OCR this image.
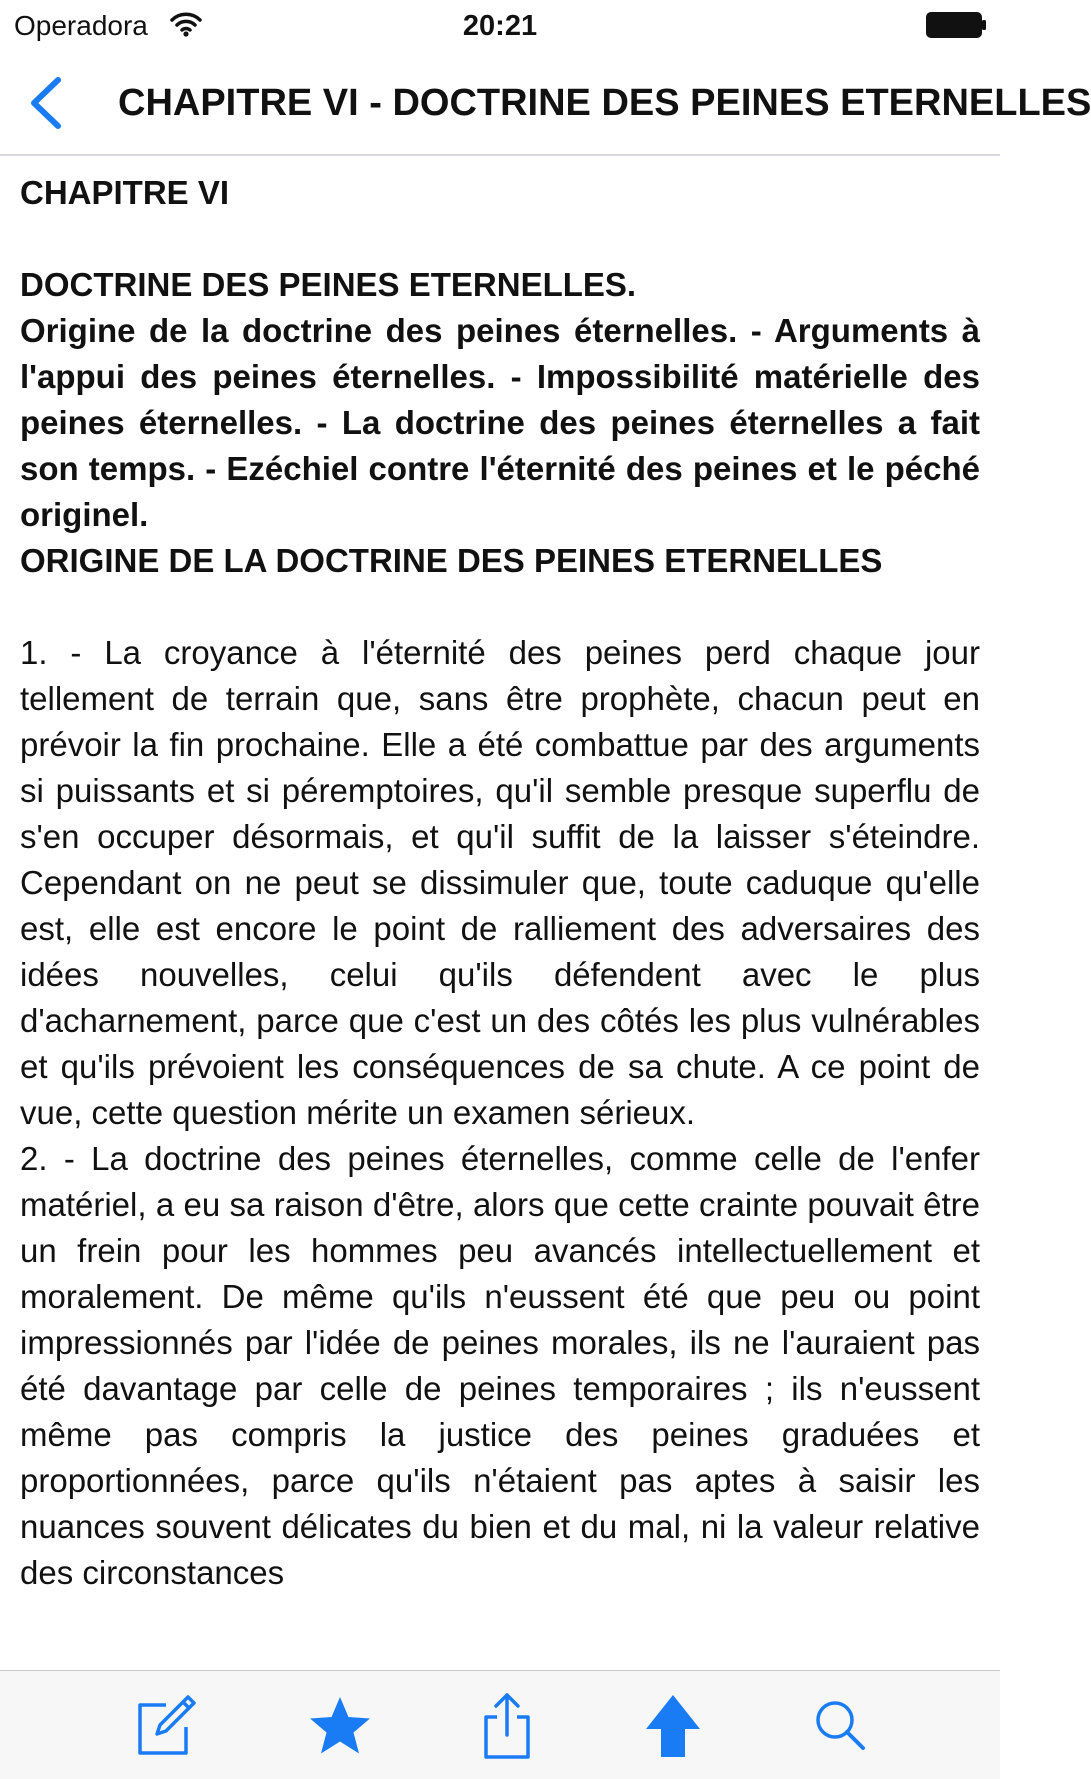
Operadora	20:21
CHAPITRE VI - DOCTRINE DES PEINES ETERNELLES

CHAPITRE VI

DOCTRINE DES PEINES ETERNELLES.

Origine de la doctrine des peines éternelles. - Arguments à l'appui des peines éternelles. - Impossibilité matérielle des peines éternelles. - La doctrine des peines éternelles a fait son temps. - Ezéchiel contre l'éternité des peines et le péché originel.

ORIGINE DE LA DOCTRINE DES PEINES ETERNELLES

1. - La croyance à l'éternité des peines perd chaque jour tellement de terrain que, sans être prophète, chacun peut en prévoir la fin prochaine. Elle a été combattue par des arguments si puissants et si péremptoires, qu'il semble presque superflu de s'en occuper désormais, et qu'il suffit de la laisser s'éteindre. Cependant on ne peut se dissimuler que, toute caduque qu'elle est, elle est encore le point de ralliement des adversaires des idées nouvelles, celui qu'ils défendent avec le plus d'acharnement, parce que c'est un des côtés les plus vulnérables et qu'ils prévoient les conséquences de sa chute. A ce point de vue, cette question mérite un examen sérieux.

2. - La doctrine des peines éternelles, comme celle de l'enfer matériel, a eu sa raison d'être, alors que cette crainte pouvait être un frein pour les hommes peu avancés intellectuellement et moralement. De même qu'ils n'eussent été que peu ou point impressionnés par l'idée de peines morales, ils ne l'auraient pas été davantage par celle de peines temporaires ; ils n'eussent même pas compris la justice des peines graduées et proportionnées, parce qu'ils n'étaient pas aptes à saisir les nuances souvent délicates du bien et du mal, ni la valeur relative des circonstances
